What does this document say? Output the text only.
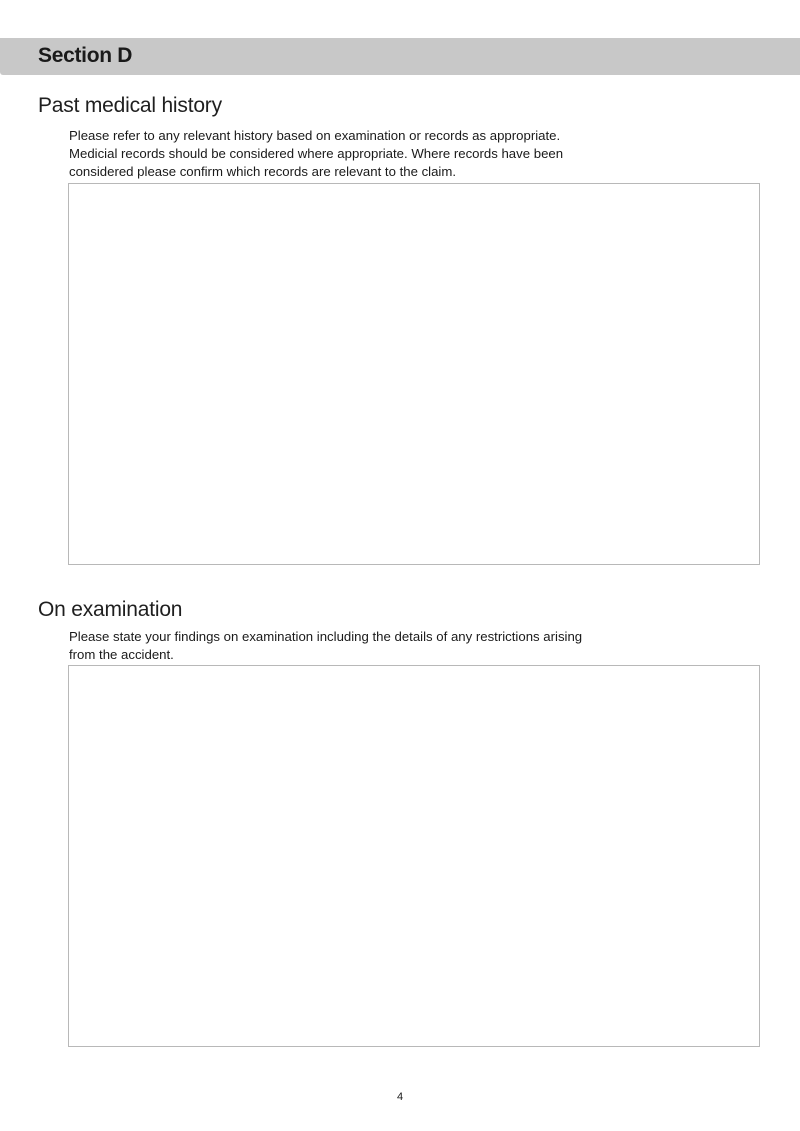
Section D
Past medical history

Please refer to any relevant history based on examination or records as appropriate.
Medicial records should be considered where appropriate. Where records have been
considered please confirm which records are relevant to the claim.

On examination

Please state your findings on examination including the details of any restrictions arising
from the accident.

4
